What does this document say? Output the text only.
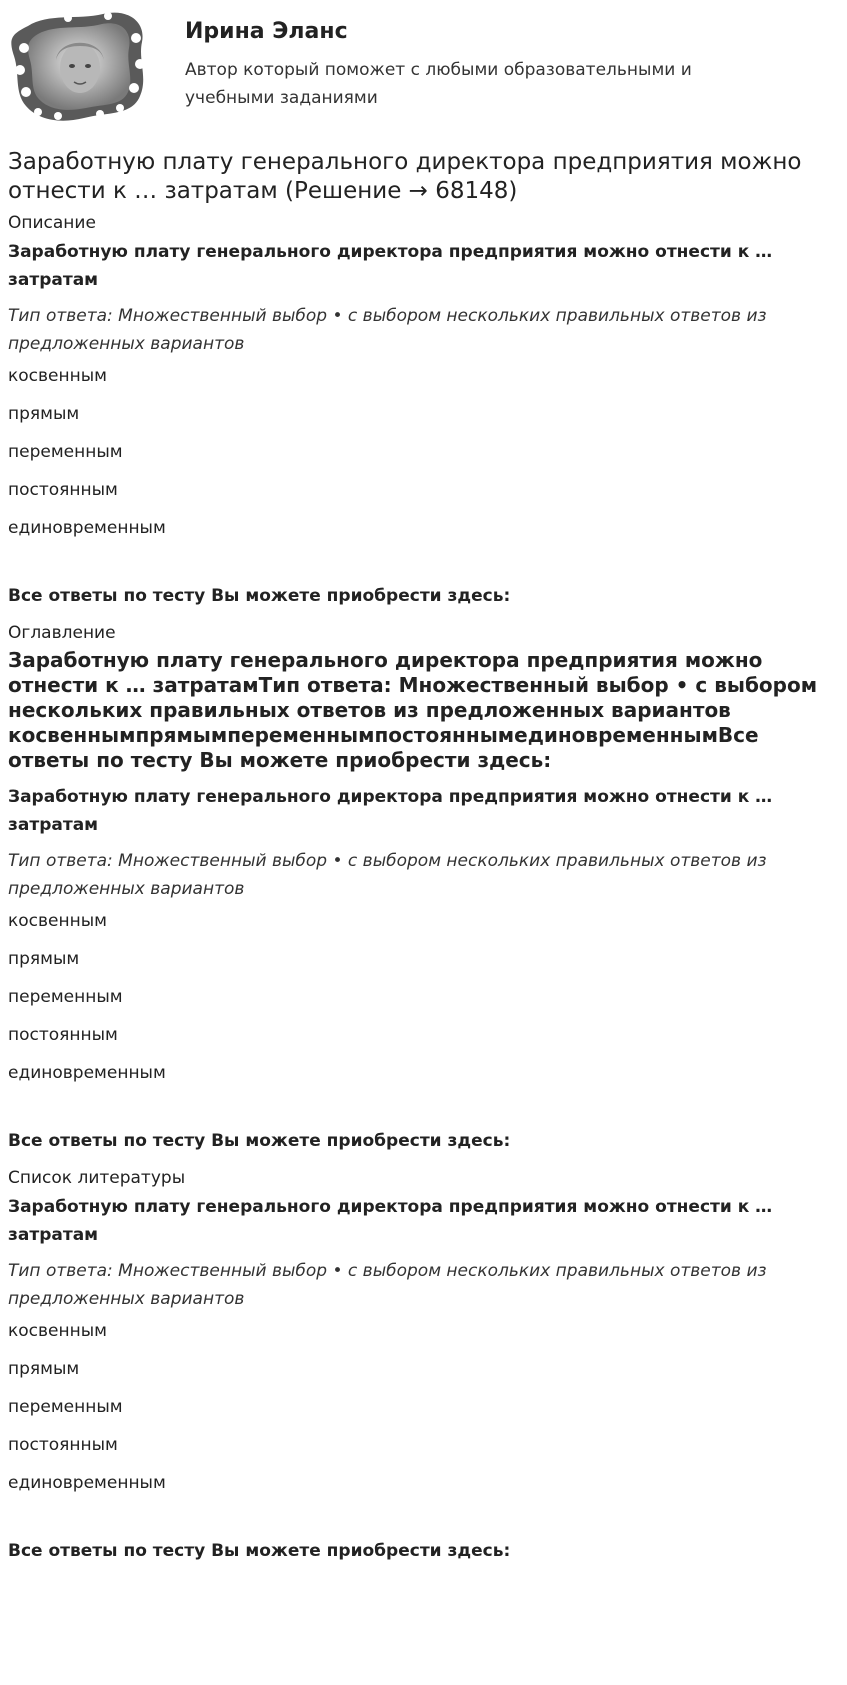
Ирина Эланс

Автор который поможет с любыми образовательными и учебными заданиями

Заработную плату генерального директора предприятия можно отнести к … затратам (Решение → 68148)
Описание

Заработную плату генерального директора предприятия можно отнести к … затратам

Тип ответа: Множественный выбор • с выбором нескольких правильных ответов из предложенных вариантов

косвенным
прямым
переменным
постоянным
единовременным

Все ответы по тесту Вы можете приобрести здесь:

Оглавление
Заработную плату генерального директора предприятия можно отнести к … затратамТип ответа: Множественный выбор • с выбором нескольких правильных ответов из предложенных вариантов косвеннымпрямымпеременнымпостояннымединовременнымВсе ответы по тесту Вы можете приобрести здесь:

Заработную плату генерального директора предприятия можно отнести к … затратам

Тип ответа: Множественный выбор • с выбором нескольких правильных ответов из предложенных вариантов

косвенным
прямым
переменным
постоянным
единовременным

Все ответы по тесту Вы можете приобрести здесь:

Список литературы

Заработную плату генерального директора предприятия можно отнести к … затратам

Тип ответа: Множественный выбор • с выбором нескольких правильных ответов из предложенных вариантов

косвенным
прямым
переменным
постоянным
единовременным

Все ответы по тесту Вы можете приобрести здесь:
